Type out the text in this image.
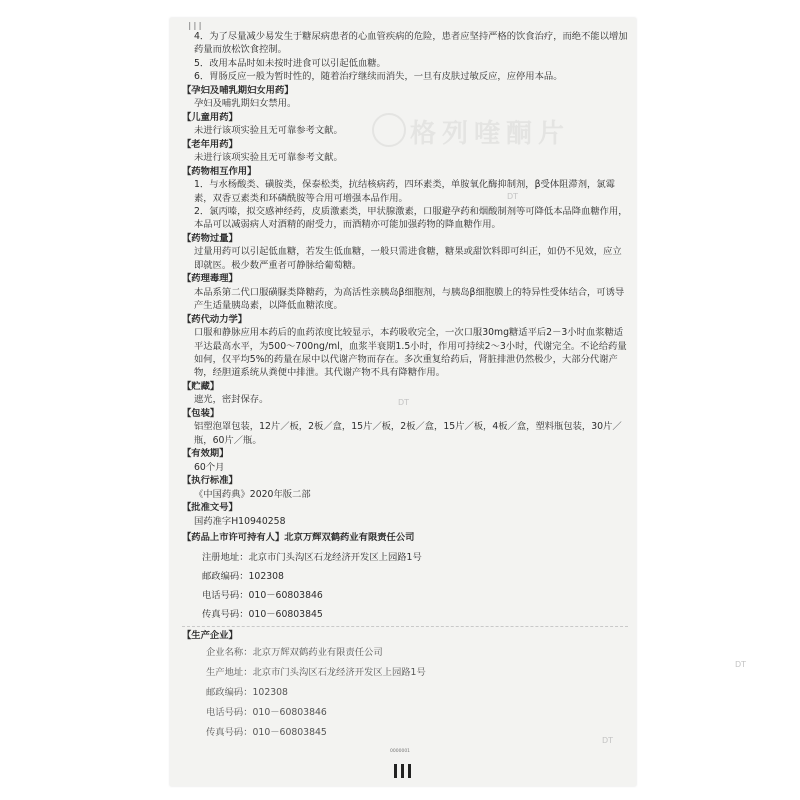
III
格列喹酮片

4．为了尽量减少易发生于糖尿病患者的心血管疾病的危险，患者应坚持严格的饮食治疗，而绝不能以增加药量而放松饮食控制。

5．改用本品时如未按时进食可以引起低血糖。

6．胃肠反应一般为暂时性的，随着治疗继续而消失，一旦有皮肤过敏反应，应停用本品。

【孕妇及哺乳期妇女用药】

孕妇及哺乳期妇女禁用。

【儿童用药】

未进行该项实验且无可靠参考文献。

【老年用药】

未进行该项实验且无可靠参考文献。

【药物相互作用】

1．与水杨酸类、磺胺类，保泰松类，抗结核病药，四环素类，单胺氧化酶抑制剂，β受体阻滞剂，氯霉素，双香豆素类和环磷酰胺等合用可增强本品作用。

2．氯丙嗪，拟交感神经药，皮质激素类，甲状腺激素，口服避孕药和烟酸制剂等可降低本品降血糖作用，本品可以减弱病人对酒精的耐受力，而酒精亦可能加强药物的降血糖作用。

【药物过量】

过量用药可以引起低血糖，若发生低血糖，一般只需进食糖，糖果或甜饮料即可纠正，如仍不见效，应立即就医。极少数严重者可静脉给葡萄糖。

【药理毒理】

本品系第二代口服磺脲类降糖药，为高活性亲胰岛β细胞剂，与胰岛β细胞膜上的特异性受体结合，可诱导产生适量胰岛素，以降低血糖浓度。

【药代动力学】

口服和静脉应用本药后的血药浓度比较显示，本药吸收完全，一次口服30mg糖适平后2－3小时血浆糖适平达最高水平，为500～700ng/ml，血浆半衰期1.5小时，作用可持续2～3小时，代谢完全。不论给药量如何，仅平均5%的药量在尿中以代谢产物而存在。多次重复给药后，肾脏排泄仍然极少，大部分代谢产物，经胆道系统从粪便中排泄。其代谢产物不具有降糖作用。

【贮藏】

遮光，密封保存。

【包装】

铝塑泡罩包装，12片／板，2板／盒，15片／板，2板／盒，15片／板，4板／盒，塑料瓶包装，30片／瓶，60片／瓶。

【有效期】

60个月

【执行标准】

《中国药典》2020年版二部

【批准文号】

国药准字H10940258

【药品上市许可持有人】北京万辉双鹤药业有限责任公司

注册地址：北京市门头沟区石龙经济开发区上园路1号

邮政编码：102308

电话号码：010－60803846

传真号码：010－60803845

【生产企业】

企业名称：北京万辉双鹤药业有限责任公司

生产地址：北京市门头沟区石龙经济开发区上园路1号

邮政编码：102308

电话号码：010－60803846

传真号码：010－60803845

0000001
DT
DT
DT
DT
